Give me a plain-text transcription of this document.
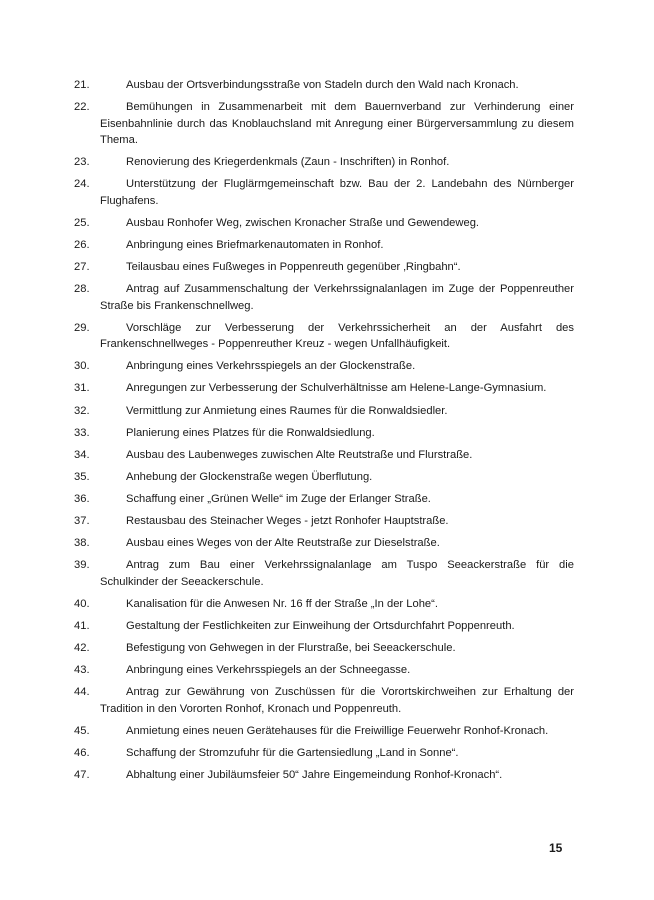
21.	Ausbau der Ortsverbindungsstraße von Stadeln durch den Wald nach Kronach.
22.	Bemühungen in Zusammenarbeit mit dem Bauernverband zur Verhinderung einer Eisenbahnlinie durch das Knoblauchsland mit Anregung einer Bürgerversammlung zu diesem Thema.
23.	Renovierung des Kriegerdenkmals (Zaun - Inschriften) in Ronhof.
24.	Unterstützung der Fluglärmgemeinschaft bzw. Bau der 2. Landebahn des Nürnberger Flughafens.
25.	Ausbau Ronhofer Weg, zwischen Kronacher Straße und Gewendeweg.
26.	Anbringung eines Briefmarkenautomaten in Ronhof.
27.	Teilausbau eines Fußweges in Poppenreuth gegenüber ‚Ringbahn“.
28.	Antrag auf Zusammenschaltung der Verkehrssignalanlagen im Zuge der Poppenreuther Straße bis Frankenschnellweg.
29.	Vorschläge zur Verbesserung der Verkehrssicherheit an der Ausfahrt des Frankenschnellweges - Poppenreuther Kreuz - wegen Unfallhäufigkeit.
30.	Anbringung eines Verkehrsspiegels an der Glockenstraße.
31.	Anregungen zur Verbesserung der Schulverhältnisse am Helene-Lange-Gymnasium.
32.	Vermittlung zur Anmietung eines Raumes für die Ronwaldsiedler.
33.	Planierung eines Platzes für die Ronwaldsiedlung.
34.	Ausbau des Laubenweges zuwischen Alte Reutstraße und Flurstraße.
35.	Anhebung der Glockenstraße wegen Überflutung.
36.	Schaffung einer „Grünen Welle“ im Zuge der Erlanger Straße.
37.	Restausbau des Steinacher Weges - jetzt Ronhofer Hauptstraße.
38.	Ausbau eines Weges von der Alte Reutstraße zur Dieselstraße.
39.	Antrag zum Bau einer Verkehrssignalanlage am Tuspo Seeackerstraße für die Schulkinder der Seeackerschule.
40.	Kanalisation für die Anwesen Nr. 16 ff der Straße „In der Lohe“.
41.	Gestaltung der Festlichkeiten zur Einweihung der Ortsdurchfahrt Poppenreuth.
42.	Befestigung von Gehwegen in der Flurstraße, bei Seeackerschule.
43.	Anbringung eines Verkehrsspiegels an der Schneegasse.
44.	Antrag zur Gewährung von Zuschüssen für die Vorortskirchweihen zur Erhaltung der Tradition in den Vororten Ronhof, Kronach und Poppenreuth.
45.	Anmietung eines neuen Gerätehauses für die Freiwillige Feuerwehr Ronhof-Kronach.
46.	Schaffung der Stromzufuhr für die Gartensiedlung „Land in Sonne“.
47.	Abhaltung einer Jubiläumsfeier 50“ Jahre Eingemeindung Ronhof-Kronach“.
15
